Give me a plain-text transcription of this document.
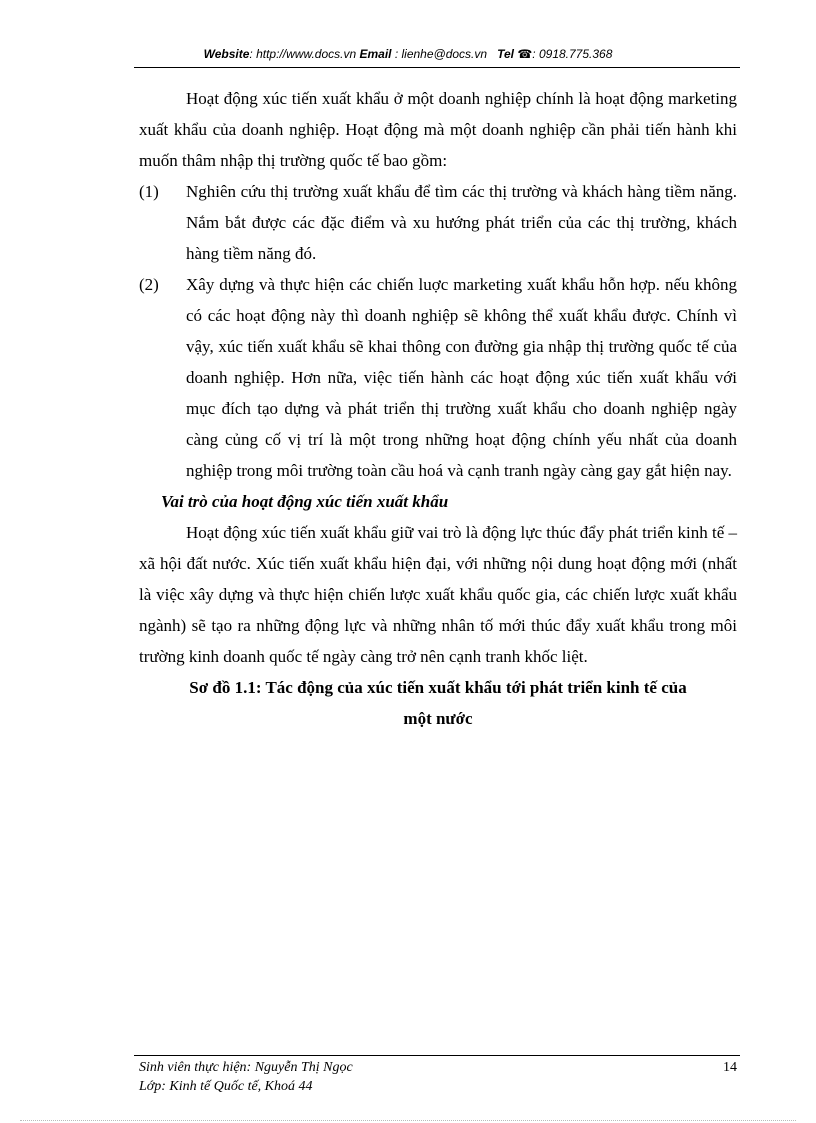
Website: http://www.docs.vn Email : lienhe@docs.vn Tel ☎: 0918.775.368

Hoạt động xúc tiến xuất khẩu ở một doanh nghiệp chính là hoạt động marketing xuất khẩu của doanh nghiệp. Hoạt động mà một doanh nghiệp cần phải tiến hành khi muốn thâm nhập thị trường quốc tế bao gồm:

(1)	Nghiên cứu thị trường xuất khẩu để tìm các thị trường và khách hàng tiềm năng. Nắm bắt được các đặc điểm và xu hướng phát triển của các thị trường, khách hàng tiềm năng đó.
(2)	Xây dựng và thực hiện các chiến luợc marketing xuất khẩu hỗn hợp. nếu không có các hoạt động này thì doanh nghiệp sẽ không thể xuất khẩu được. Chính vì vậy, xúc tiến xuất khẩu sẽ khai thông con đường gia nhập thị trường quốc tế của doanh nghiệp. Hơn nữa, việc tiến hành các hoạt động xúc tiến xuất khẩu với mục đích tạo dựng và phát triển thị trường xuất khẩu cho doanh nghiệp ngày càng củng cố vị trí là một trong những hoạt động chính yếu nhất của doanh nghiệp trong môi trường toàn cầu hoá và cạnh tranh ngày càng gay gắt hiện nay.

Vai trò của hoạt động xúc tiến xuất khẩu

Hoạt động xúc tiến xuất khẩu giữ vai trò là động lực thúc đẩy phát triển kinh tế – xã hội đất nước. Xúc tiến xuất khẩu hiện đại, với những nội dung hoạt động mới (nhất là việc xây dựng và thực hiện chiến lược xuất khẩu quốc gia, các chiến lược xuất khẩu ngành) sẽ tạo ra những động lực và những nhân tố mới thúc đẩy xuất khẩu trong môi trường kinh doanh quốc tế ngày càng trở nên cạnh tranh khốc liệt.

Sơ đồ 1.1: Tác động của xúc tiến xuất khẩu tới phát triển kinh tế của

một nước

Sinh viên thực hiện: Nguyễn Thị Ngọc
Lớp: Kinh tế Quốc tế, Khoá 44
14
